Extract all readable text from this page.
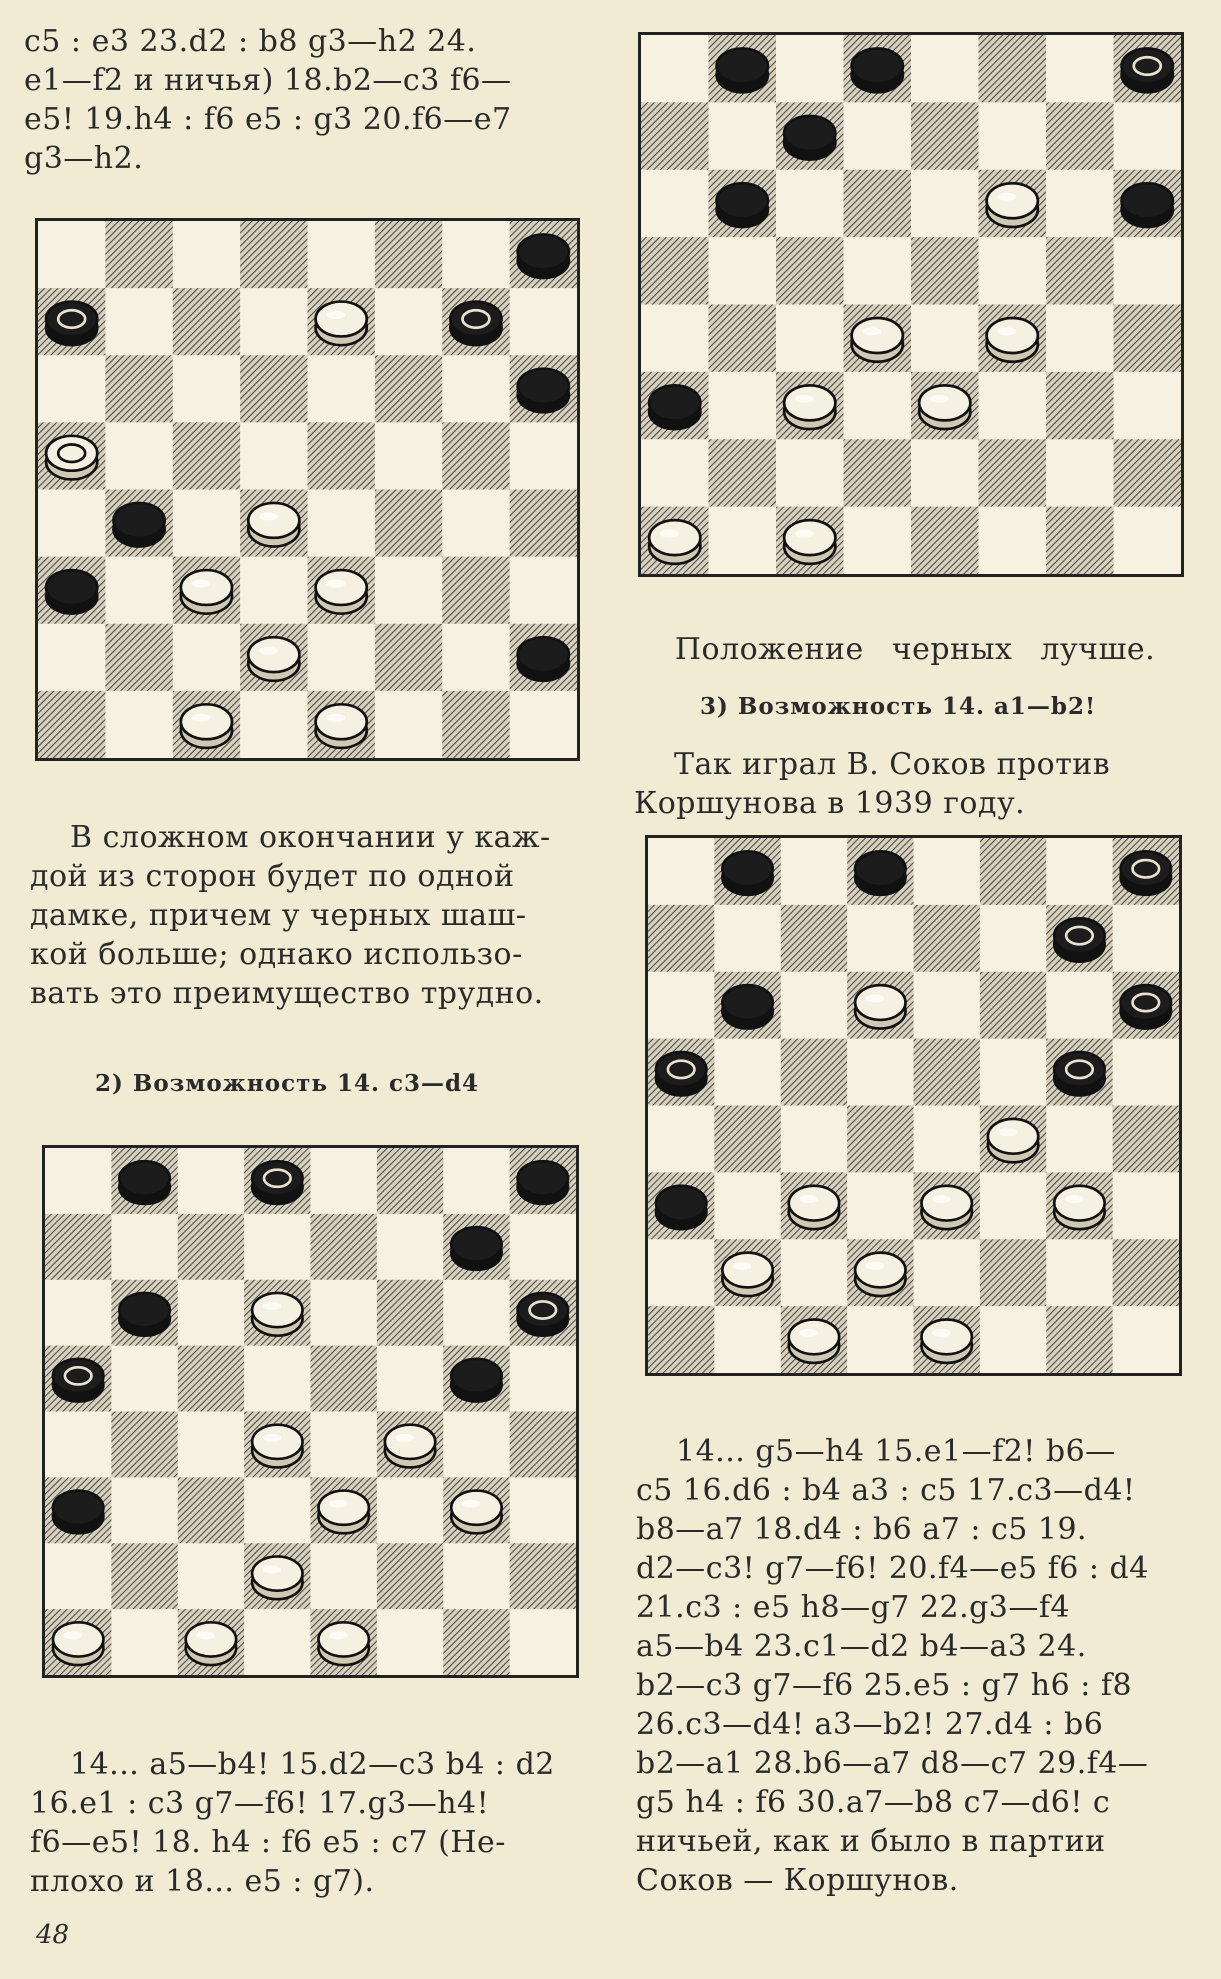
c5 : e3 23.d2 : b8 g3—h2 24.
e1—f2 и ничья) 18.b2—c3 f6—
e5! 19.h4 : f6 e5 : g3 20.f6—e7
g3—h2.
В сложном окончании у каж-
дой из сторон будет по одной
дамке, причем у черных шаш-
кой больше; однако использо-
вать это преимущество трудно.
2) Возможность 14. c3—d4
14... a5—b4! 15.d2—c3 b4 : d2
16.e1 : c3 g7—f6! 17.g3—h4!
f6—e5! 18. h4 : f6 e5 : c7 (Не-
плохо и 18... e5 : g7).
48
Положение черных лучше.
3) Возможность 14. a1—b2!
Так играл В. Соков против
Коршунова в 1939 году.
14... g5—h4 15.e1—f2! b6—
c5 16.d6 : b4 a3 : c5 17.c3—d4!
b8—a7 18.d4 : b6 a7 : c5 19.
d2—c3! g7—f6! 20.f4—e5 f6 : d4
21.c3 : e5 h8—g7 22.g3—f4
a5—b4 23.c1—d2 b4—a3 24.
b2—c3 g7—f6 25.e5 : g7 h6 : f8
26.c3—d4! a3—b2! 27.d4 : b6
b2—a1 28.b6—a7 d8—c7 29.f4—
g5 h4 : f6 30.a7—b8 c7—d6! с
ничьей, как и было в партии
Соков — Коршунов.
